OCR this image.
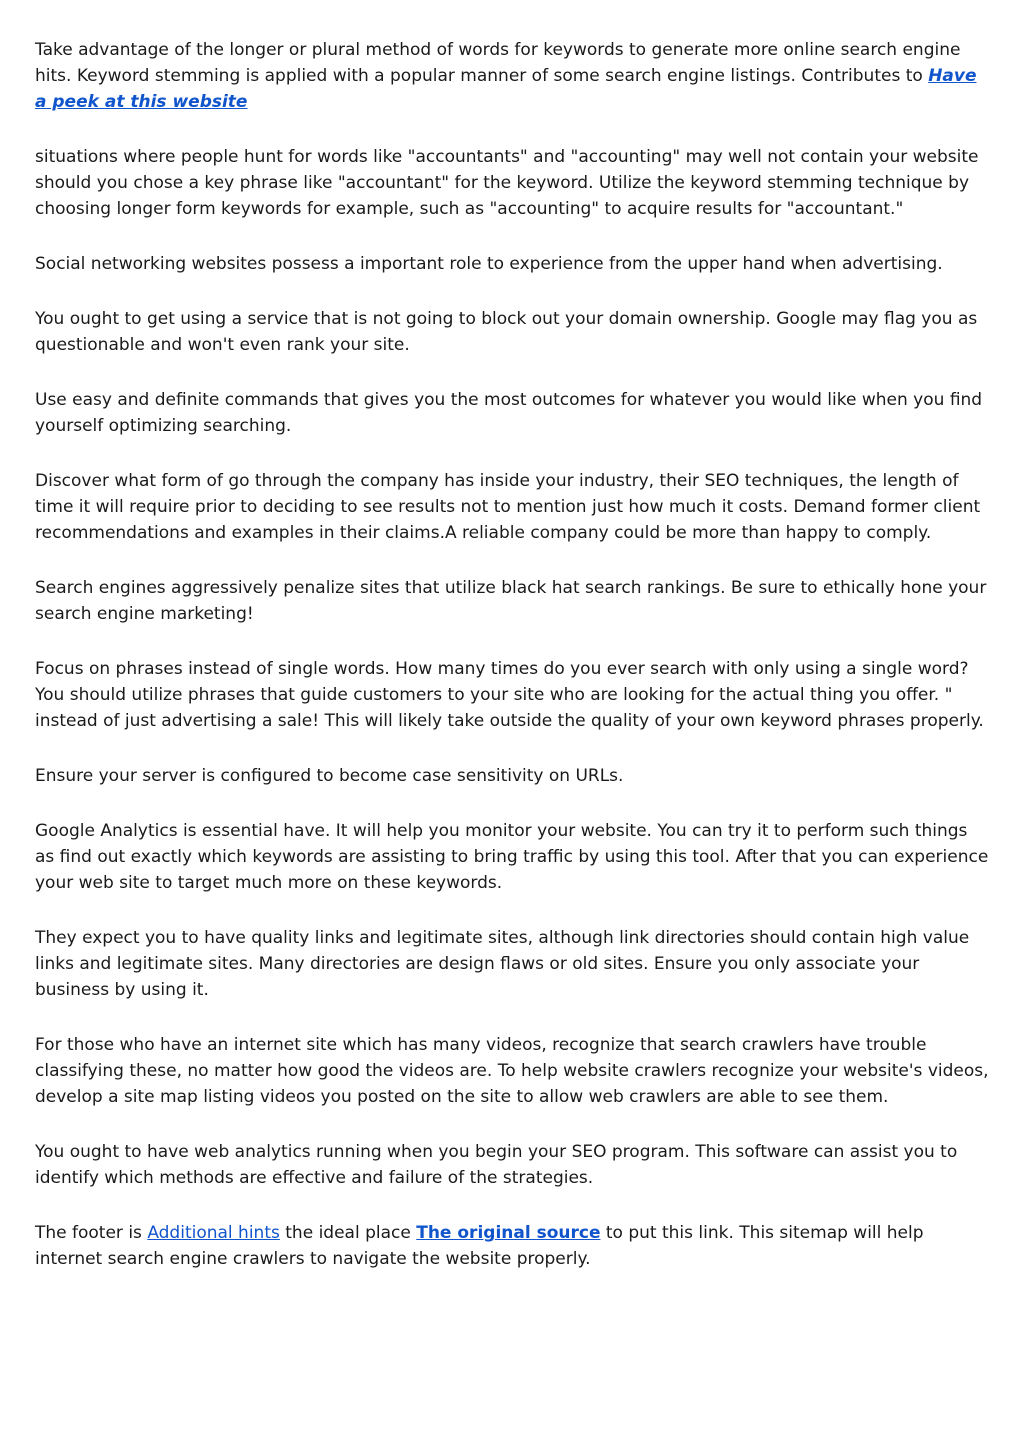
Take advantage of the longer or plural method of words for keywords to generate more online search engine hits. Keyword stemming is applied with a popular manner of some search engine listings. Contributes to Have a peek at this website

situations where people hunt for words like "accountants" and "accounting" may well not contain your website should you chose a key phrase like "accountant" for the keyword. Utilize the keyword stemming technique by choosing longer form keywords for example, such as "accounting" to acquire results for "accountant."

Social networking websites possess a important role to experience from the upper hand when advertising.

You ought to get using a service that is not going to block out your domain ownership. Google may flag you as questionable and won't even rank your site.

Use easy and definite commands that gives you the most outcomes for whatever you would like when you find yourself optimizing searching.

Discover what form of go through the company has inside your industry, their SEO techniques, the length of time it will require prior to deciding to see results not to mention just how much it costs. Demand former client recommendations and examples in their claims.A reliable company could be more than happy to comply.

Search engines aggressively penalize sites that utilize black hat search rankings. Be sure to ethically hone your search engine marketing!

Focus on phrases instead of single words. How many times do you ever search with only using a single word? You should utilize phrases that guide customers to your site who are looking for the actual thing you offer. " instead of just advertising a sale! This will likely take outside the quality of your own keyword phrases properly.

Ensure your server is configured to become case sensitivity on URLs.

Google Analytics is essential have. It will help you monitor your website. You can try it to perform such things as find out exactly which keywords are assisting to bring traffic by using this tool. After that you can experience your web site to target much more on these keywords.

They expect you to have quality links and legitimate sites, although link directories should contain high value links and legitimate sites. Many directories are design flaws or old sites. Ensure you only associate your business by using it.

For those who have an internet site which has many videos, recognize that search crawlers have trouble classifying these, no matter how good the videos are. To help website crawlers recognize your website's videos, develop a site map listing videos you posted on the site to allow web crawlers are able to see them.

You ought to have web analytics running when you begin your SEO program. This software can assist you to identify which methods are effective and failure of the strategies.

The footer is Additional hints the ideal place The original source to put this link. This sitemap will help internet search engine crawlers to navigate the website properly.
